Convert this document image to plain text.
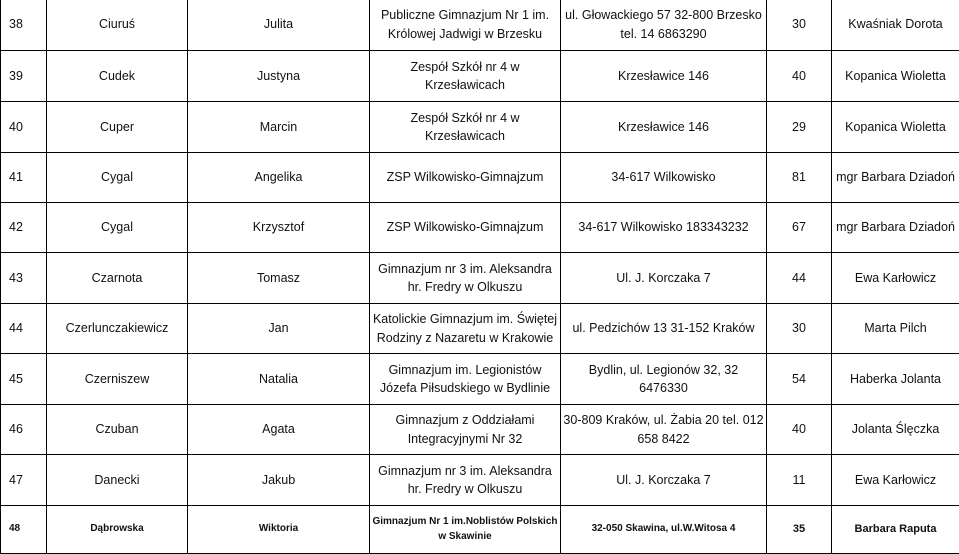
38	Ciuruś	Julita	Publiczne Gimnazjum Nr 1 im. Królowej Jadwigi w Brzesku	ul. Głowackiego 57 32-800 Brzesko tel. 14 6863290	30	Kwaśniak Dorota
39	Cudek	Justyna	Zespół Szkół nr 4 w Krzesławicach	Krzesławice 146	40	Kopanica Wioletta
40	Cuper	Marcin	Zespół Szkół nr 4 w Krzesławicach	Krzesławice 146	29	Kopanica Wioletta
41	Cygal	Angelika	ZSP Wilkowisko-Gimnajzum	34-617 Wilkowisko	81	mgr Barbara Dziadoń
42	Cygal	Krzysztof	ZSP Wilkowisko-Gimnajzum	34-617 Wilkowisko 183343232	67	mgr Barbara Dziadoń
43	Czarnota	Tomasz	Gimnazjum nr 3 im. Aleksandra hr. Fredry w Olkuszu	Ul. J. Korczaka 7	44	Ewa Karłowicz
44	Czerlunczakiewicz	Jan	Katolickie Gimnazjum im. Świętej Rodziny z Nazaretu w Krakowie	ul. Pedzichów 13 31-152 Kraków	30	Marta Pilch
45	Czerniszew	Natalia	Gimnazjum im. Legionistów Józefa Piłsudskiego w Bydlinie	Bydlin, ul. Legionów 32, 32 6476330	54	Haberka Jolanta
46	Czuban	Agata	Gimnazjum z Oddziałami Integracyjnymi Nr 32	30-809 Kraków, ul. Żabia 20 tel. 012 658 8422	40	Jolanta Ślęczka
47	Danecki	Jakub	Gimnazjum nr 3 im. Aleksandra hr. Fredry w Olkuszu	Ul. J. Korczaka 7	11	Ewa Karłowicz
48	Dąbrowska	Wiktoria	Gimnazjum Nr 1 im.Noblistów Polskich w Skawinie	32-050 Skawina, ul.W.Witosa 4	35	Barbara Raputa
